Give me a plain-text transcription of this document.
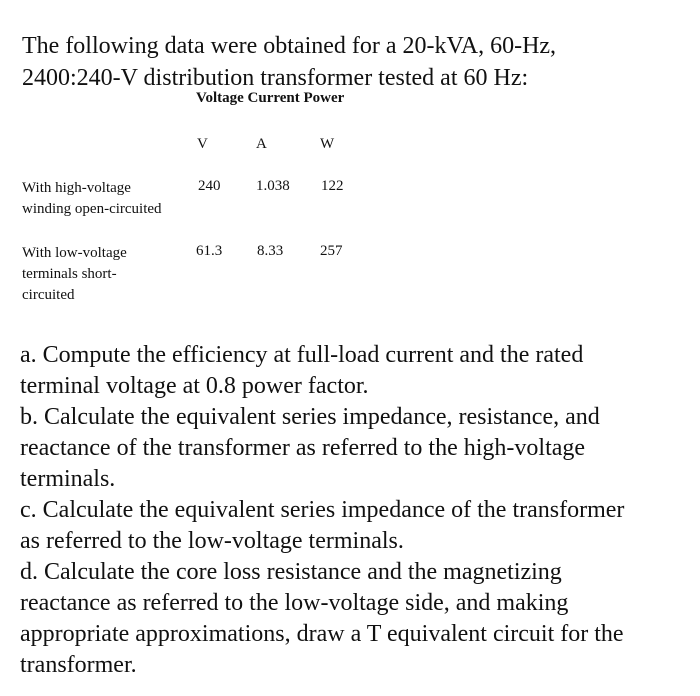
The following data were obtained for a 20-kVA, 60-Hz,
2400:240-V distribution transformer tested at 60 Hz:
Voltage Current Power
V	A	W
With high-voltage
winding open-circuited
240 1.038 122
With low-voltage
terminals short-
circuited
61.3 8.33 257
a. Compute the efficiency at full-load current and the rated
terminal voltage at 0.8 power factor.
b. Calculate the equivalent series impedance, resistance, and
reactance of the transformer as referred to the high-voltage
terminals.
c. Calculate the equivalent series impedance of the transformer
as referred to the low-voltage terminals.
d. Calculate the core loss resistance and the magnetizing
reactance as referred to the low-voltage side, and making
appropriate approximations, draw a T equivalent circuit for the
transformer.
